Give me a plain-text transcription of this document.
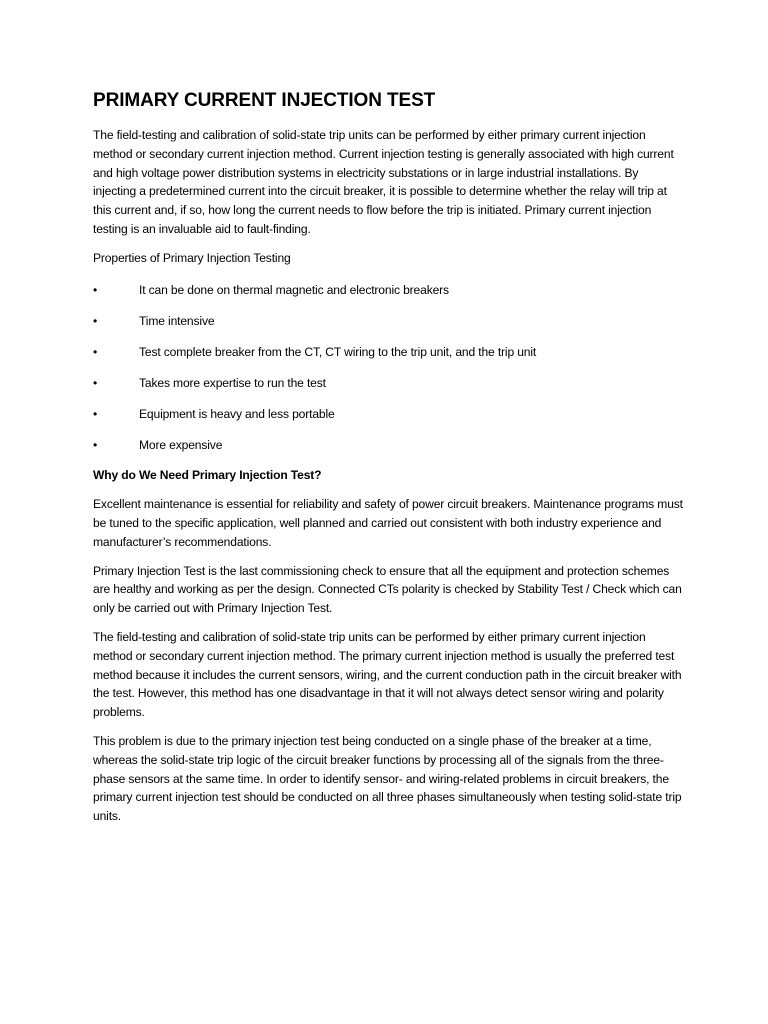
PRIMARY CURRENT INJECTION TEST

The field-testing and calibration of solid-state trip units can be performed by either primary current injection method or secondary current injection method. Current injection testing is generally associated with high current and high voltage power distribution systems in electricity substations or in large industrial installations. By injecting a predetermined current into the circuit breaker, it is possible to determine whether the relay will trip at this current and, if so, how long the current needs to flow before the trip is initiated. Primary current injection testing is an invaluable aid to fault-finding.

Properties of Primary Injection Testing

•	It can be done on thermal magnetic and electronic breakers
•	Time intensive
•	Test complete breaker from the CT, CT wiring to the trip unit, and the trip unit
•	Takes more expertise to run the test
•	Equipment is heavy and less portable
•	More expensive

Why do We Need Primary Injection Test?

Excellent maintenance is essential for reliability and safety of power circuit breakers. Maintenance programs must be tuned to the specific application, well planned and carried out consistent with both industry experience and manufacturer’s recommendations.

Primary Injection Test is the last commissioning check to ensure that all the equipment and protection schemes are healthy and working as per the design. Connected CTs polarity is checked by Stability Test / Check which can only be carried out with Primary Injection Test.

The field-testing and calibration of solid-state trip units can be performed by either primary current injection method or secondary current injection method. The primary current injection method is usually the preferred test method because it includes the current sensors, wiring, and the current conduction path in the circuit breaker with the test. However, this method has one disadvantage in that it will not always detect sensor wiring and polarity problems.

This problem is due to the primary injection test being conducted on a single phase of the breaker at a time, whereas the solid-state trip logic of the circuit breaker functions by processing all of the signals from the three-phase sensors at the same time. In order to identify sensor- and wiring-related problems in circuit breakers, the primary current injection test should be conducted on all three phases simultaneously when testing solid-state trip units.
